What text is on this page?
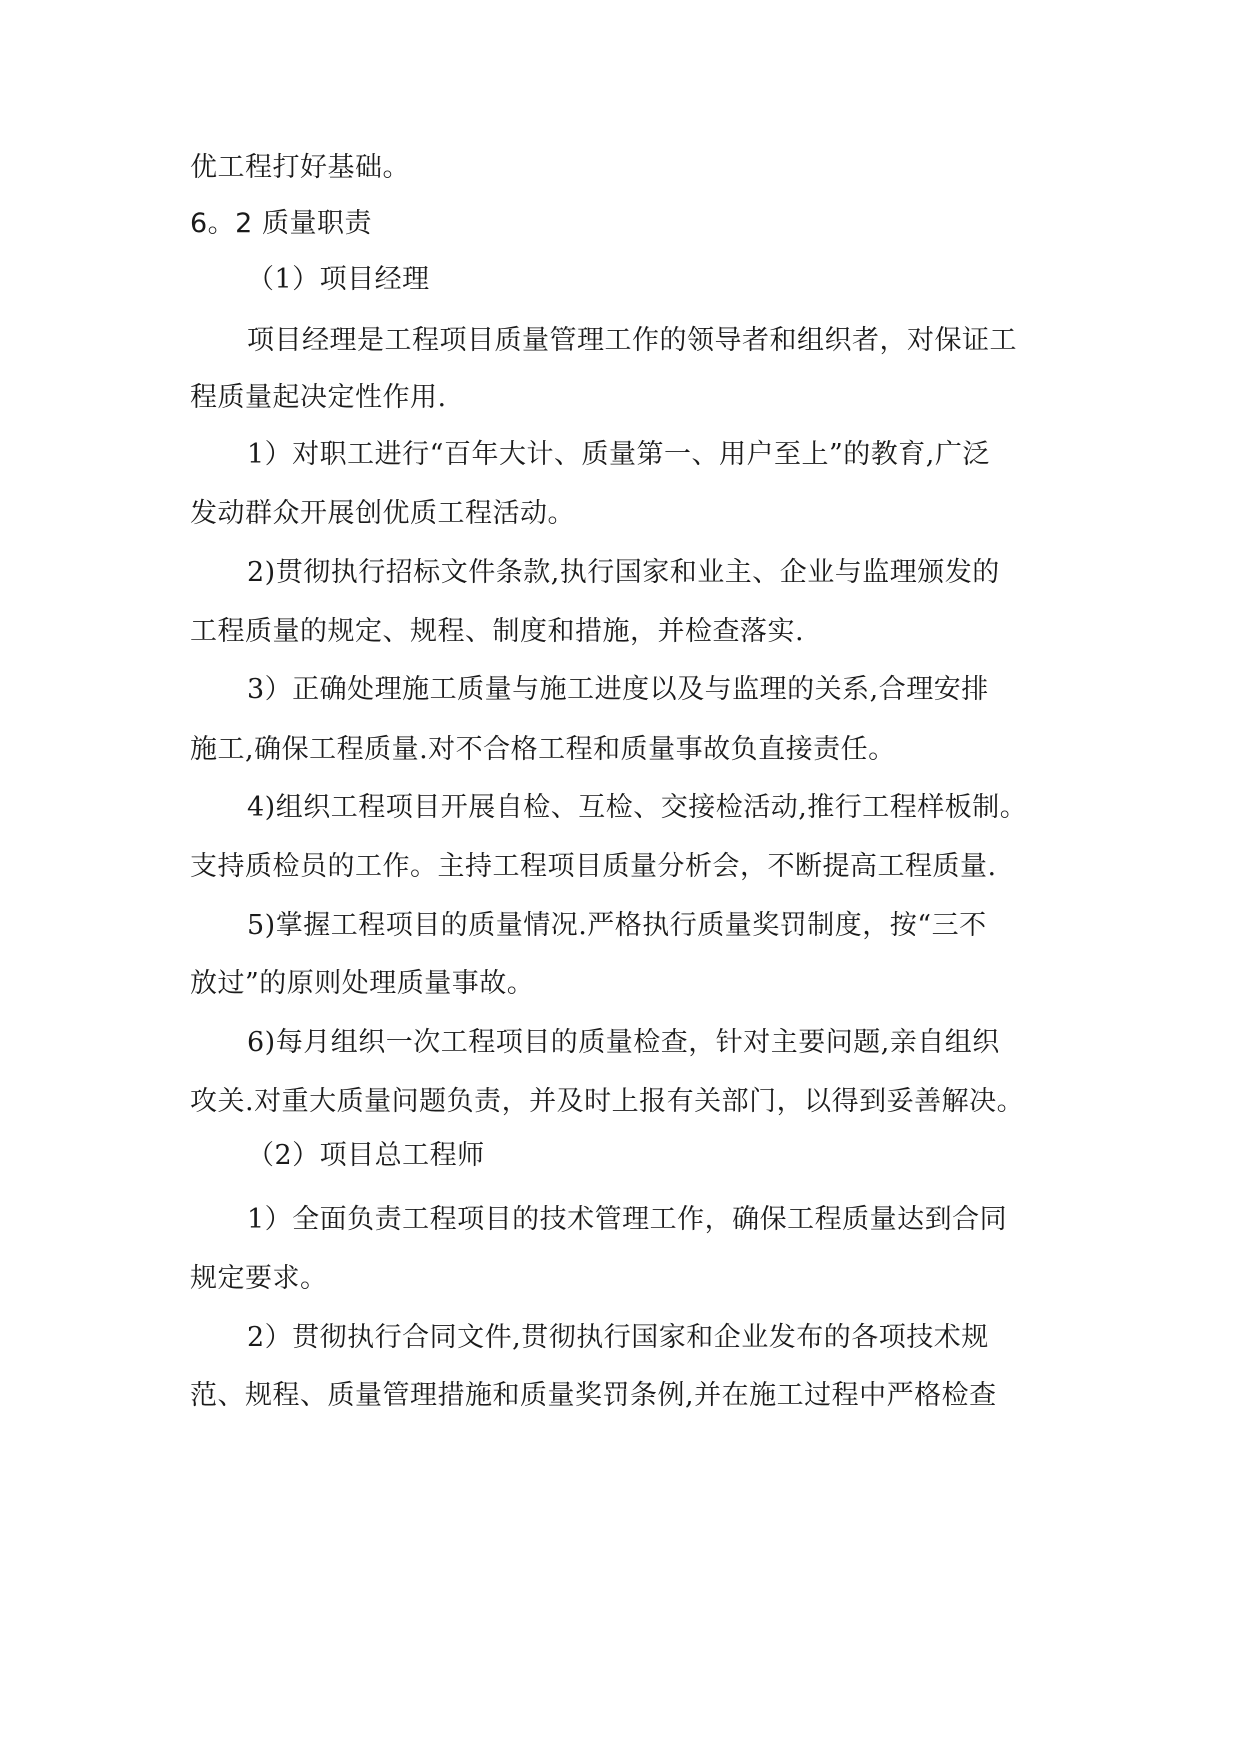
优工程打好基础。
6。2 质量职责
（1）项目经理
项目经理是工程项目质量管理工作的领导者和组织者，对保证工
程质量起决定性作用.
1）对职工进行“百年大计、质量第一、用户至上”的教育,广泛
发动群众开展创优质工程活动。
2)贯彻执行招标文件条款,执行国家和业主、企业与监理颁发的
工程质量的规定、规程、制度和措施，并检查落实.
3）正确处理施工质量与施工进度以及与监理的关系,合理安排
施工,确保工程质量.对不合格工程和质量事故负直接责任。
4)组织工程项目开展自检、互检、交接检活动,推行工程样板制。
支持质检员的工作。主持工程项目质量分析会，不断提高工程质量.
5)掌握工程项目的质量情况.严格执行质量奖罚制度，按“三不
放过”的原则处理质量事故。
6)每月组织一次工程项目的质量检查，针对主要问题,亲自组织
攻关.对重大质量问题负责，并及时上报有关部门，以得到妥善解决。
（2）项目总工程师
1）全面负责工程项目的技术管理工作，确保工程质量达到合同
规定要求。
2）贯彻执行合同文件,贯彻执行国家和企业发布的各项技术规
范、规程、质量管理措施和质量奖罚条例,并在施工过程中严格检查
